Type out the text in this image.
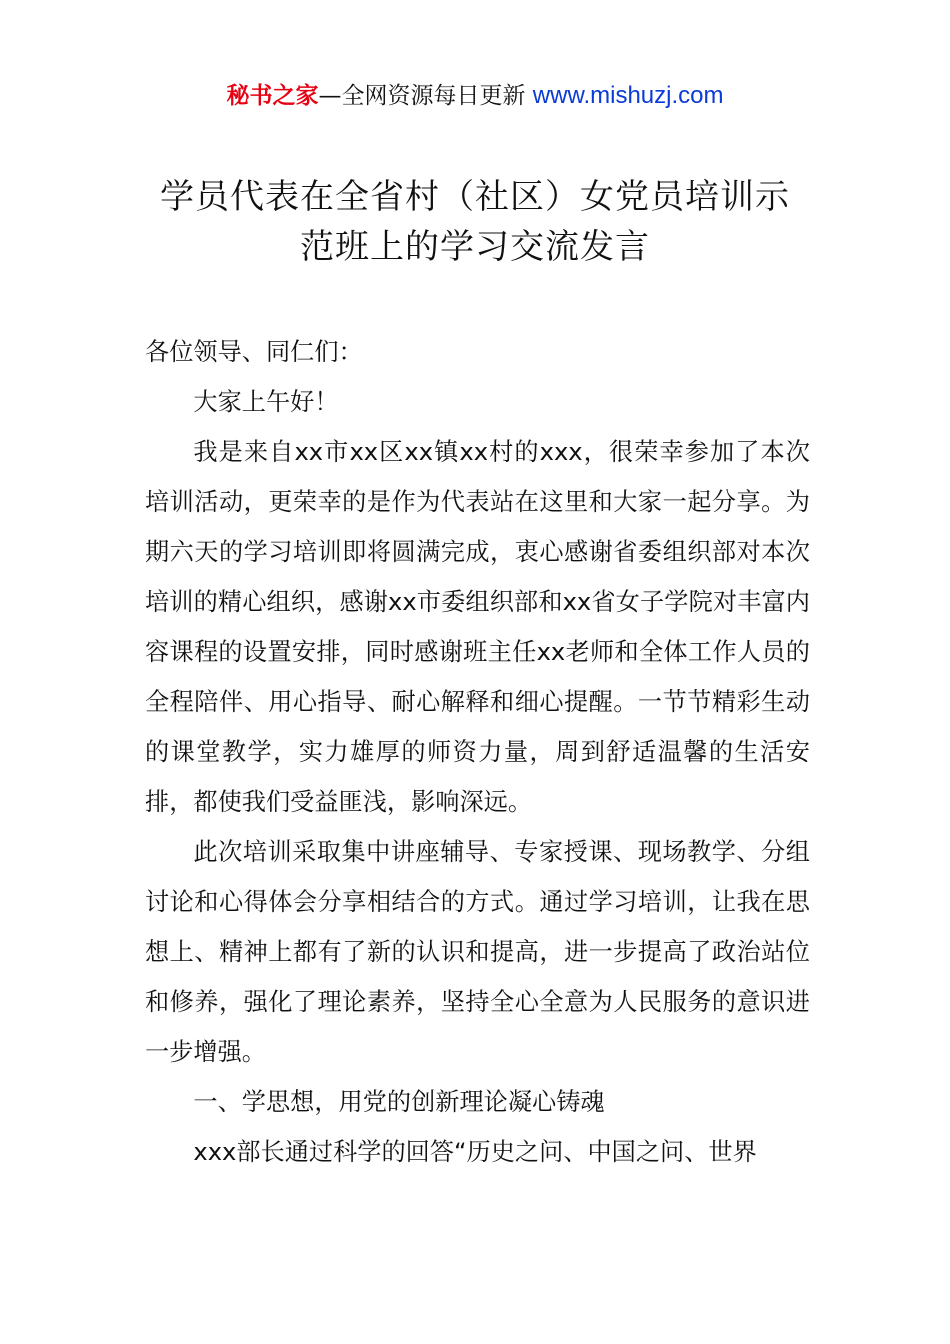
秘书之家—全网资源每日更新 www.mishuzj.com
学员代表在全省村（社区）女党员培训示
范班上的学习交流发言

各位领导、同仁们：

大家上午好！

我是来自xx市xx区xx镇xx村的xxx，很荣幸参加了本次培训活动，更荣幸的是作为代表站在这里和大家一起分享。为期六天的学习培训即将圆满完成，衷心感谢省委组织部对本次培训的精心组织，感谢xx市委组织部和xx省女子学院对丰富内容课程的设置安排，同时感谢班主任xx老师和全体工作人员的全程陪伴、用心指导、耐心解释和细心提醒。一节节精彩生动的课堂教学，实力雄厚的师资力量，周到舒适温馨的生活安排，都使我们受益匪浅，影响深远。

此次培训采取集中讲座辅导、专家授课、现场教学、分组讨论和心得体会分享相结合的方式。通过学习培训，让我在思想上、精神上都有了新的认识和提高，进一步提高了政治站位和修养，强化了理论素养，坚持全心全意为人民服务的意识进一步增强。

一、学思想，用党的创新理论凝心铸魂

xxx部长通过科学的回答“历史之问、中国之问、世界
